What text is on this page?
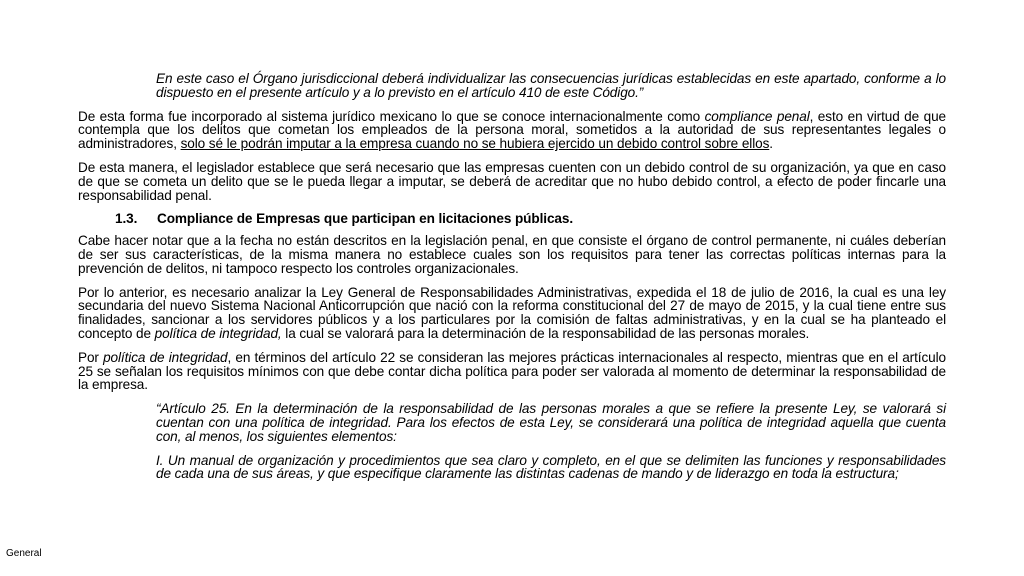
En este caso el Órgano jurisdiccional deberá individualizar las consecuencias jurídicas establecidas en este apartado, conforme a lo dispuesto en el presente artículo y a lo previsto en el artículo 410 de este Código.”

De esta forma fue incorporado al sistema jurídico mexicano lo que se conoce internacionalmente como compliance penal, esto en virtud de que contempla que los delitos que cometan los empleados de la persona moral, sometidos a la autoridad de sus representantes legales o administradores, solo sé le podrán imputar a la empresa cuando no se hubiera ejercido un debido control sobre ellos.

De esta manera, el legislador establece que será necesario que las empresas cuenten con un debido control de su organización, ya que en caso de que se cometa un delito que se le pueda llegar a imputar, se deberá de acreditar que no hubo debido control, a efecto de poder fincarle una responsabilidad penal.

1.3. Compliance de Empresas que participan en licitaciones públicas.

Cabe hacer notar que a la fecha no están descritos en la legislación penal, en que consiste el órgano de control permanente, ni cuáles deberían de ser sus características, de la misma manera no establece cuales son los requisitos para tener las correctas políticas internas para la prevención de delitos, ni tampoco respecto los controles organizacionales.

Por lo anterior, es necesario analizar la Ley General de Responsabilidades Administrativas, expedida el 18 de julio de 2016, la cual es una ley secundaria del nuevo Sistema Nacional Anticorrupción que nació con la reforma constitucional del 27 de mayo de 2015, y la cual tiene entre sus finalidades, sancionar a los servidores públicos y a los particulares por la comisión de faltas administrativas, y en la cual se ha planteado el concepto de política de integridad, la cual se valorará para la determinación de la responsabilidad de las personas morales.

Por política de integridad, en términos del artículo 22 se consideran las mejores prácticas internacionales al respecto, mientras que en el artículo 25 se señalan los requisitos mínimos con que debe contar dicha política para poder ser valorada al momento de determinar la responsabilidad de la empresa.

“Artículo 25. En la determinación de la responsabilidad de las personas morales a que se refiere la presente Ley, se valorará si cuentan con una política de integridad. Para los efectos de esta Ley, se considerará una política de integridad aquella que cuenta con, al menos, los siguientes elementos:

I. Un manual de organización y procedimientos que sea claro y completo, en el que se delimiten las funciones y responsabilidades de cada una de sus áreas, y que especifique claramente las distintas cadenas de mando y de liderazgo en toda la estructura;

General
